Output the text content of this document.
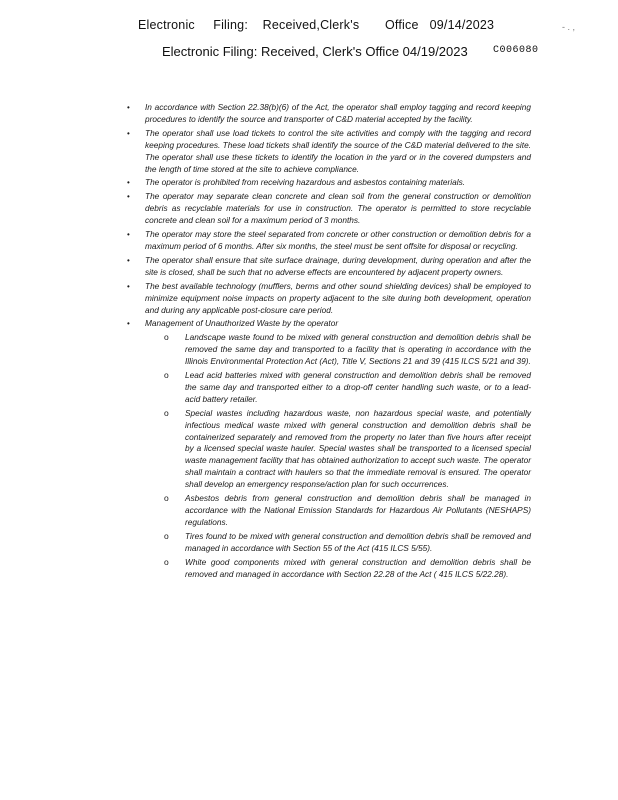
Electronic     Filing:    Received,Clerk's       Office   09/14/2023	- . ,
Electronic Filing: Received, Clerk's Office 04/19/2023	C006080
• In accordance with Section 22.38(b)(6) of the Act, the operator shall employ tagging and record keeping procedures to identify the source and transporter of C&D material accepted by the facility.
• The operator shall use load tickets to control the site activities and comply with the tagging and record keeping procedures. These load tickets shall identify the source of the C&D material delivered to the site. The operator shall use these tickets to identify the location in the yard or in the covered dumpsters and the length of time stored at the site to achieve compliance.
• The operator is prohibited from receiving hazardous and asbestos containing materials.
• The operator may separate clean concrete and clean soil from the general construction or demolition debris as recyclable materials for use in construction. The operator is permitted to store recyclable concrete and clean soil for a maximum period of 3 months.
• The operator may store the steel separated from concrete or other construction or demolition debris for a maximum period of 6 months. After six months, the steel must be sent offsite for disposal or recycling.
• The operator shall ensure that site surface drainage, during development, during operation and after the site is closed, shall be such that no adverse effects are encountered by adjacent property owners.
• The best available technology (mufflers, berms and other sound shielding devices) shall be employed to minimize equipment noise impacts on property adjacent to the site during both development, operation and during any applicable post-closure care period.
• Management of Unauthorized Waste by the operator
o Landscape waste found to be mixed with general construction and demolition debris shall be removed the same day and transported to a facility that is operating in accordance with the Illinois Environmental Protection Act (Act), Title V, Sections 21 and 39 (415 ILCS 5/21 and 39).
o Lead acid batteries mixed with general construction and demolition debris shall be removed the same day and transported either to a drop-off center handling such waste, or to a lead-acid battery retailer.
o Special wastes including hazardous waste, non hazardous special waste, and potentially infectious medical waste mixed with general construction and demolition debris shall be containerized separately and removed from the property no later than five hours after receipt by a licensed special waste hauler. Special wastes shall be transported to a licensed special waste management facility that has obtained authorization to accept such waste. The operator shall maintain a contract with haulers so that the immediate removal is ensured. The operator shall develop an emergency response/action plan for such occurrences.
o Asbestos debris from general construction and demolition debris shall be managed in accordance with the National Emission Standards for Hazardous Air Pollutants (NESHAPS) regulations.
o Tires found to be mixed with general construction and demolition debris shall be removed and managed in accordance with Section 55 of the Act (415 ILCS 5/55).
o White good components mixed with general construction and demolition debris shall be removed and managed in accordance with Section 22.28 of the Act ( 415 ILCS 5/22.28).
